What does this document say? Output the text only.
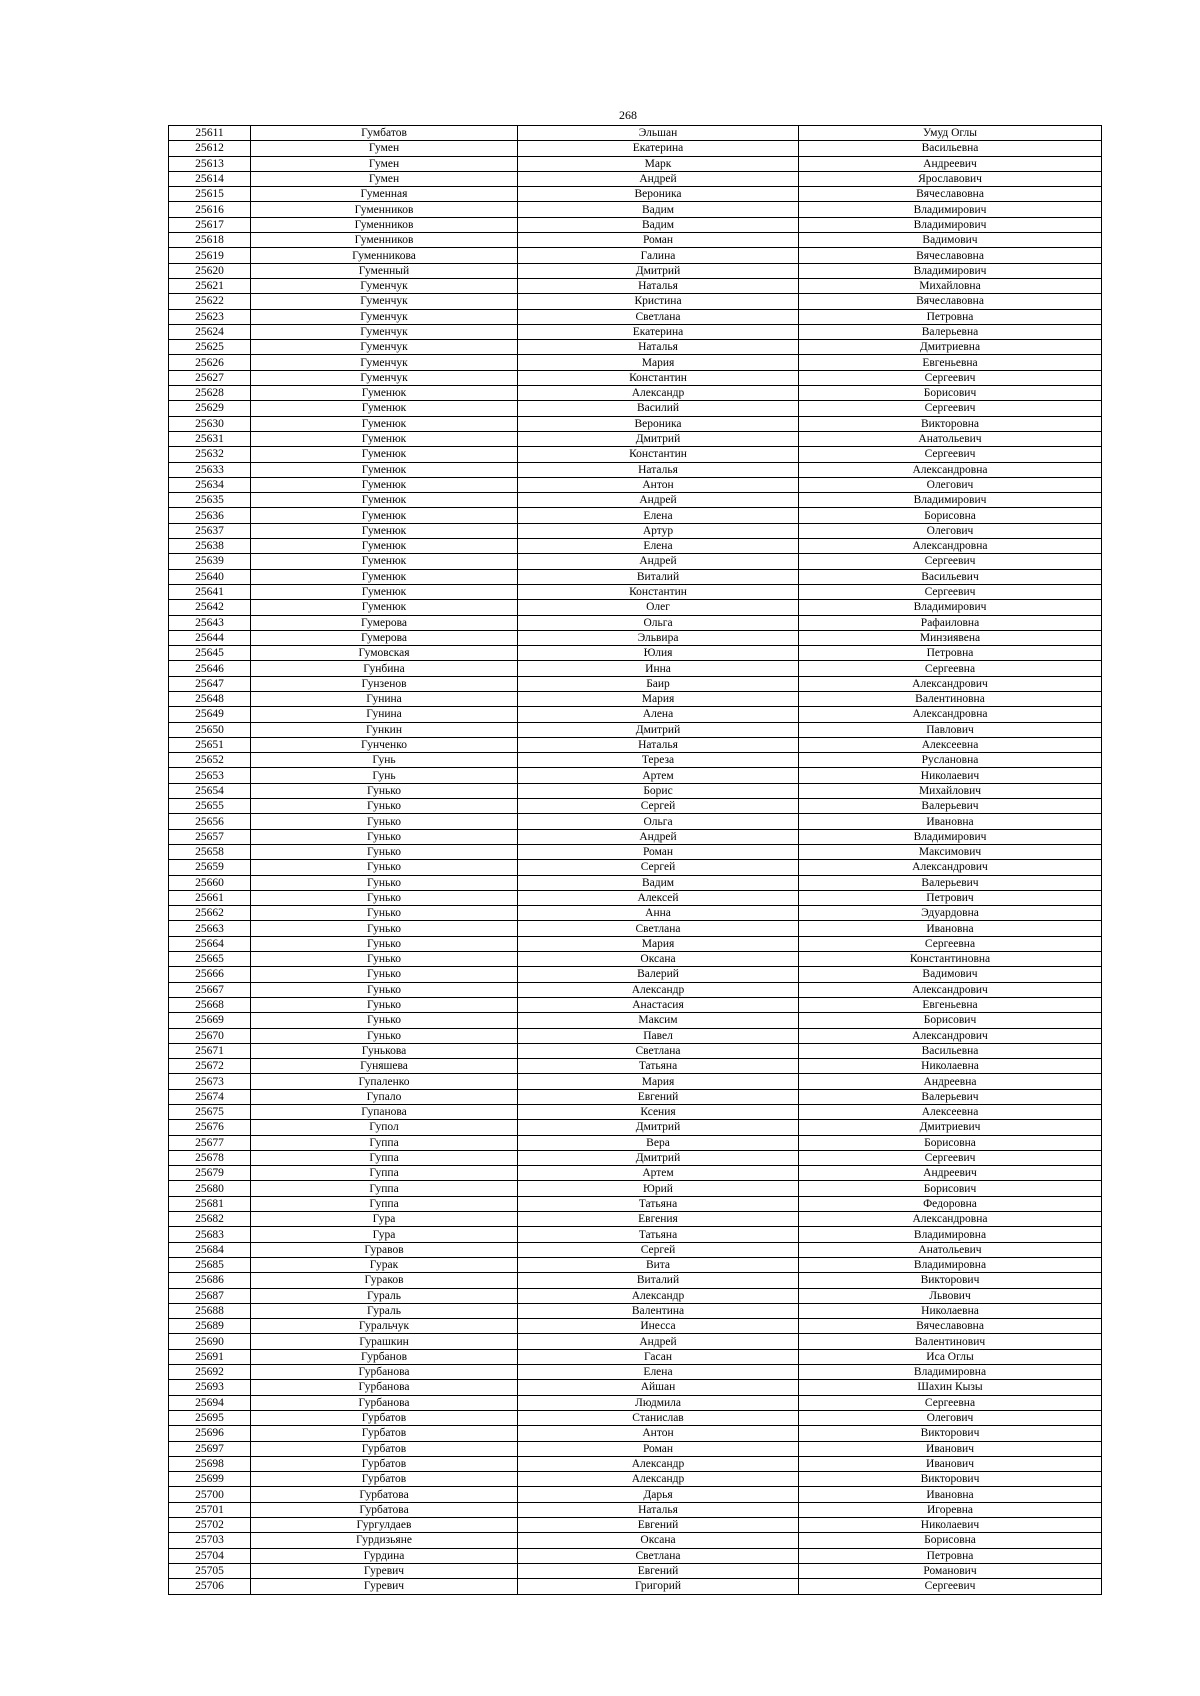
268
25611	Гумбатов	Эльшан	Умуд Оглы
25612	Гумен	Екатерина	Васильевна
25613	Гумен	Марк	Андреевич
25614	Гумен	Андрей	Ярославович
25615	Гуменная	Вероника	Вячеславовна
25616	Гуменников	Вадим	Владимирович
25617	Гуменников	Вадим	Владимирович
25618	Гуменников	Роман	Вадимович
25619	Гуменникова	Галина	Вячеславовна
25620	Гуменный	Дмитрий	Владимирович
25621	Гуменчук	Наталья	Михайловна
25622	Гуменчук	Кристина	Вячеславовна
25623	Гуменчук	Светлана	Петровна
25624	Гуменчук	Екатерина	Валерьевна
25625	Гуменчук	Наталья	Дмитриевна
25626	Гуменчук	Мария	Евгеньевна
25627	Гуменчук	Константин	Сергеевич
25628	Гуменюк	Александр	Борисович
25629	Гуменюк	Василий	Сергеевич
25630	Гуменюк	Вероника	Викторовна
25631	Гуменюк	Дмитрий	Анатольевич
25632	Гуменюк	Константин	Сергеевич
25633	Гуменюк	Наталья	Александровна
25634	Гуменюк	Антон	Олегович
25635	Гуменюк	Андрей	Владимирович
25636	Гуменюк	Елена	Борисовна
25637	Гуменюк	Артур	Олегович
25638	Гуменюк	Елена	Александровна
25639	Гуменюк	Андрей	Сергеевич
25640	Гуменюк	Виталий	Васильевич
25641	Гуменюк	Константин	Сергеевич
25642	Гуменюк	Олег	Владимирович
25643	Гумерова	Ольга	Рафаиловна
25644	Гумерова	Эльвира	Минзиявена
25645	Гумовская	Юлия	Петровна
25646	Гунбина	Инна	Сергеевна
25647	Гунзенов	Баир	Александрович
25648	Гунина	Мария	Валентиновна
25649	Гунина	Алена	Александровна
25650	Гункин	Дмитрий	Павлович
25651	Гунченко	Наталья	Алексеевна
25652	Гунь	Тереза	Руслановна
25653	Гунь	Артем	Николаевич
25654	Гунько	Борис	Михайлович
25655	Гунько	Сергей	Валерьевич
25656	Гунько	Ольга	Ивановна
25657	Гунько	Андрей	Владимирович
25658	Гунько	Роман	Максимович
25659	Гунько	Сергей	Александрович
25660	Гунько	Вадим	Валерьевич
25661	Гунько	Алексей	Петрович
25662	Гунько	Анна	Эдуардовна
25663	Гунько	Светлана	Ивановна
25664	Гунько	Мария	Сергеевна
25665	Гунько	Оксана	Константиновна
25666	Гунько	Валерий	Вадимович
25667	Гунько	Александр	Александрович
25668	Гунько	Анастасия	Евгеньевна
25669	Гунько	Максим	Борисович
25670	Гунько	Павел	Александрович
25671	Гунькова	Светлана	Васильевна
25672	Гуняшева	Татьяна	Николаевна
25673	Гупаленко	Мария	Андреевна
25674	Гупало	Евгений	Валерьевич
25675	Гупанова	Ксения	Алексеевна
25676	Гупол	Дмитрий	Дмитриевич
25677	Гуппа	Вера	Борисовна
25678	Гуппа	Дмитрий	Сергеевич
25679	Гуппа	Артем	Андреевич
25680	Гуппа	Юрий	Борисович
25681	Гуппа	Татьяна	Федоровна
25682	Гура	Евгения	Александровна
25683	Гура	Татьяна	Владимировна
25684	Гуравов	Сергей	Анатольевич
25685	Гурак	Вита	Владимировна
25686	Гураков	Виталий	Викторович
25687	Гураль	Александр	Львович
25688	Гураль	Валентина	Николаевна
25689	Гуральчук	Инесса	Вячеславовна
25690	Гурашкин	Андрей	Валентинович
25691	Гурбанов	Гасан	Иса Оглы
25692	Гурбанова	Елена	Владимировна
25693	Гурбанова	Айшан	Шахин Кызы
25694	Гурбанова	Людмила	Сергеевна
25695	Гурбатов	Станислав	Олегович
25696	Гурбатов	Антон	Викторович
25697	Гурбатов	Роман	Иванович
25698	Гурбатов	Александр	Иванович
25699	Гурбатов	Александр	Викторович
25700	Гурбатова	Дарья	Ивановна
25701	Гурбатова	Наталья	Игоревна
25702	Гургулдаев	Евгений	Николаевич
25703	Гурдизьяне	Оксана	Борисовна
25704	Гурдина	Светлана	Петровна
25705	Гуревич	Евгений	Романович
25706	Гуревич	Григорий	Сергеевич
